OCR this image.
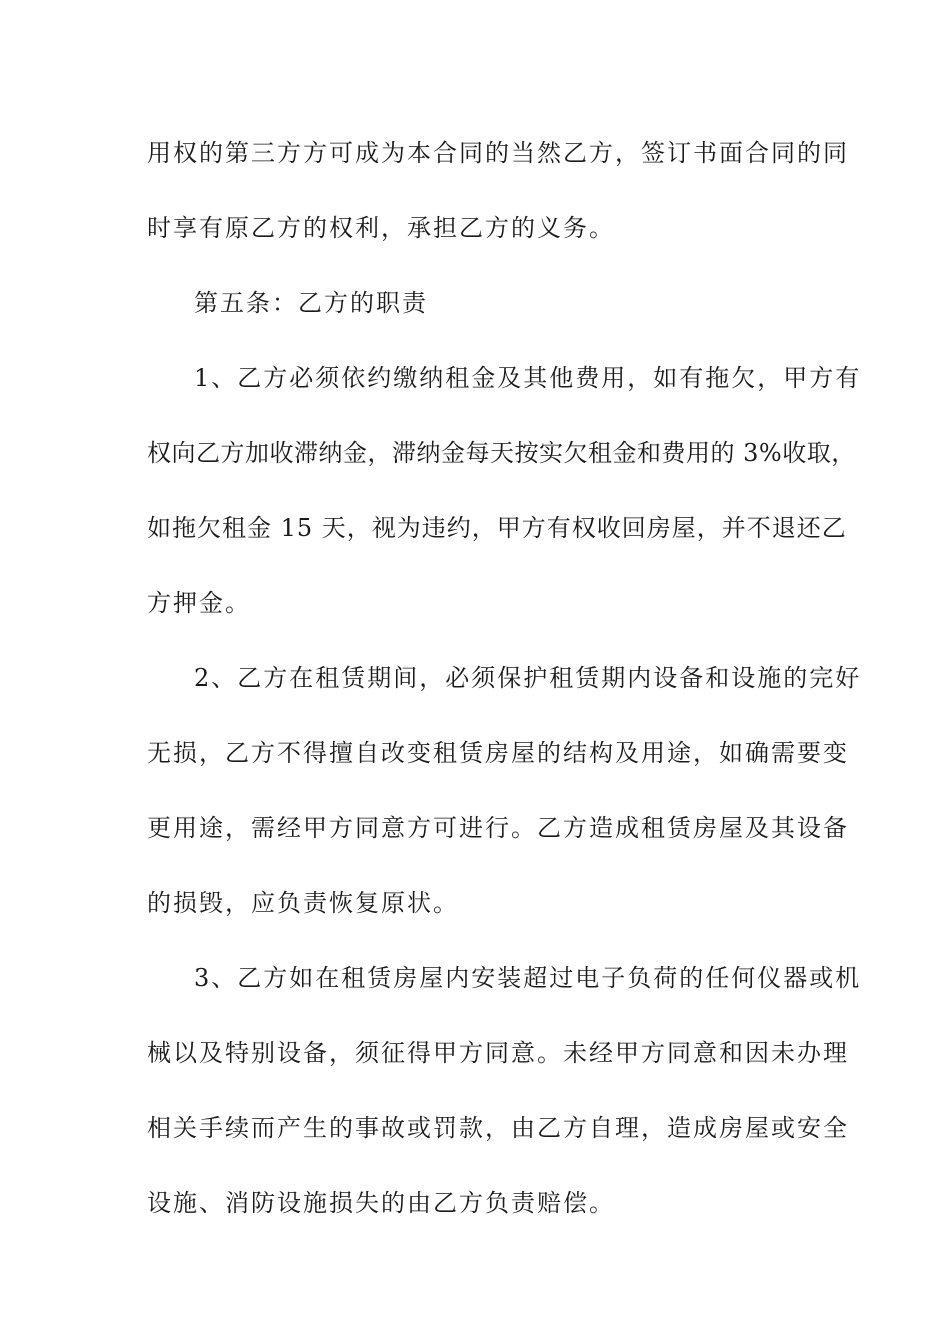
用权的第三方方可成为本合同的当然乙方，签订书面合同的同
时享有原乙方的权利，承担乙方的义务。
第五条：乙方的职责
1、乙方必须依约缴纳租金及其他费用，如有拖欠，甲方有
权向乙方加收滞纳金，滞纳金每天按实欠租金和费用的 3%收取，
如拖欠租金 15 天，视为违约，甲方有权收回房屋，并不退还乙
方押金。
2、乙方在租赁期间，必须保护租赁期内设备和设施的完好
无损，乙方不得擅自改变租赁房屋的结构及用途，如确需要变
更用途，需经甲方同意方可进行。乙方造成租赁房屋及其设备
的损毁，应负责恢复原状。
3、乙方如在租赁房屋内安装超过电子负荷的任何仪器或机
械以及特别设备，须征得甲方同意。未经甲方同意和因未办理
相关手续而产生的事故或罚款，由乙方自理，造成房屋或安全
设施、消防设施损失的由乙方负责赔偿。
